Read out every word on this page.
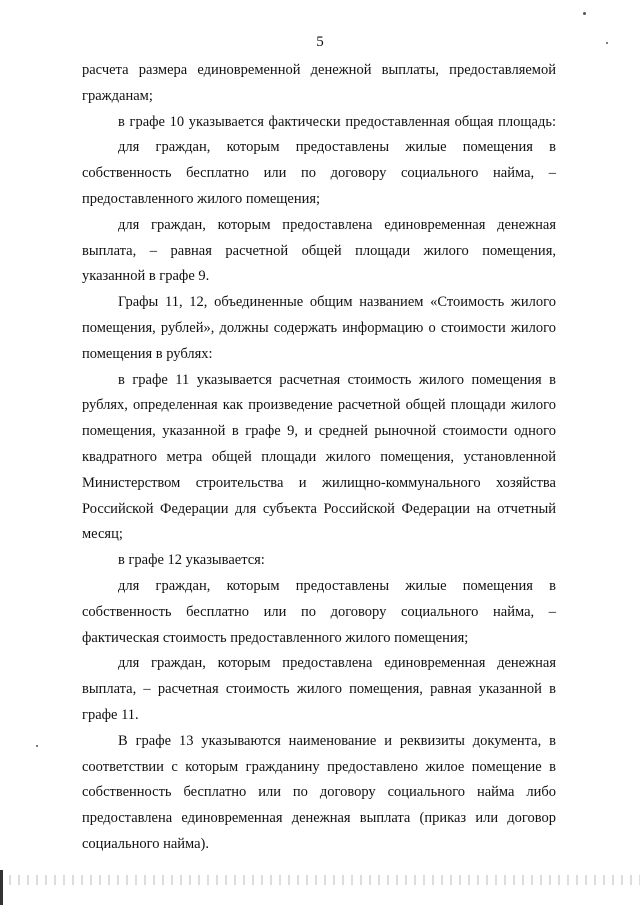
5
расчета размера единовременной денежной выплаты, предоставляемой
гражданам;
в графе 10 указывается фактически предоставленная общая площадь:
для граждан, которым предоставлены жилые помещения в
собственность бесплатно или по договору социального найма, –
предоставленного жилого помещения;
для граждан, которым предоставлена единовременная денежная
выплата, – равная расчетной общей площади жилого помещения,
указанной в графе 9.
Графы 11, 12, объединенные общим названием «Стоимость жилого
помещения, рублей», должны содержать информацию о стоимости жилого
помещения в рублях:
в графе 11 указывается расчетная стоимость жилого помещения в
рублях, определенная как произведение расчетной общей площади жилого
помещения, указанной в графе 9, и средней рыночной стоимости одного
квадратного метра общей площади жилого помещения, установленной
Министерством строительства и жилищно-коммунального хозяйства
Российской Федерации для субъекта Российской Федерации на отчетный
месяц;
в графе 12 указывается:
для граждан, которым предоставлены жилые помещения в
собственность бесплатно или по договору социального найма, –
фактическая стоимость предоставленного жилого помещения;
для граждан, которым предоставлена единовременная денежная
выплата, – расчетная стоимость жилого помещения, равная указанной в
графе 11.
В графе 13 указываются наименование и реквизиты документа, в
соответствии с которым гражданину предоставлено жилое помещение в
собственность бесплатно или по договору социального найма либо
предоставлена единовременная денежная выплата (приказ или договор
социального найма).
